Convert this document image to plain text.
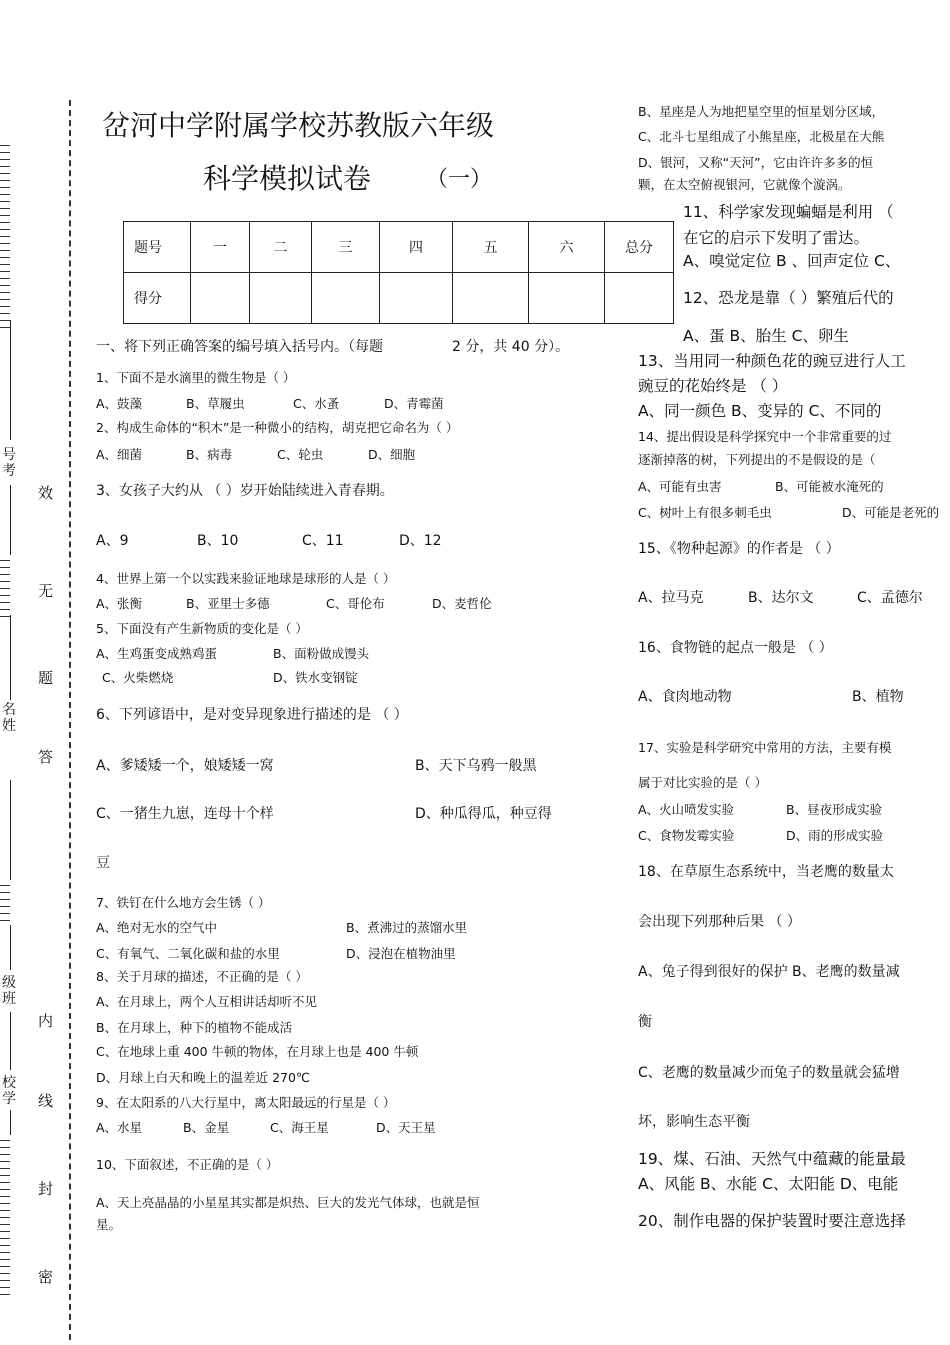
号
考
名
姓
级
班
校
学
效
无
题
答
内
线
封
密
岔河中学附属学校苏教版六年级
科学模拟试卷 （一）
题号	一	二	三	四	五	六	总分
得分							
一、将下列正确答案的编号填入括号内。（每题	2 分，共 40 分）。
1、下面不是水滴里的微生物是（ ）
A、鼓藻	B、草履虫	C、水蚤	D、青霉菌
2、构成生命体的“积木”是一种微小的结构，胡克把它命名为（ ）
A、细菌	B、病毒	C、轮虫	D、细胞
3、女孩子大约从 （ ）岁开始陆续进入青春期。
A、9	B、10	C、11	D、12
4、世界上第一个以实践来验证地球是球形的人是（ ）
A、张衡	B、亚里士多德	C、哥伦布	D、麦哲伦
5、下面没有产生新物质的变化是（ ）
A、生鸡蛋变成熟鸡蛋	B、面粉做成馒头
C、火柴燃烧	D、铁水变钢锭
6、下列谚语中，是对变异现象进行描述的是 （ ）
A、爹矮矮一个，娘矮矮一窝	B、天下乌鸦一般黑
C、一猪生九崽，连母十个样	D、种瓜得瓜，种豆得
豆
7、铁钉在什么地方会生锈（ ）
A、绝对无水的空气中	B、煮沸过的蒸馏水里
C、有氧气、二氧化碳和盐的水里	D、浸泡在植物油里
8、关于月球的描述，不正确的是（ ）
A、在月球上，两个人互相讲话却听不见
B、在月球上，种下的植物不能成活
C、在地球上重 400 牛顿的物体，在月球上也是 400 牛顿
D、月球上白天和晚上的温差近 270℃
9、在太阳系的八大行星中，离太阳最远的行星是（ ）
A、水星	B、金星	C、海王星	D、天王星
10、下面叙述，不正确的是（ ）
A、天上亮晶晶的小星星其实都是炽热、巨大的发光气体球，也就是恒
星。
B、星座是人为地把星空里的恒星划分区域，
C、北斗七星组成了小熊星座，北极星在大熊
D、银河，又称“天河”，它由许许多多的恒
颗，在太空俯视银河，它就像个漩涡。
11、科学家发现蝙蝠是利用 （
在它的启示下发明了雷达。
A、嗅觉定位 B 、回声定位 C、
12、恐龙是靠（ ）繁殖后代的
A、蛋 B、胎生 C、卵生
13、当用同一种颜色花的豌豆进行人工
豌豆的花始终是 （ ）
A、同一颜色 B、变异的 C、不同的
14、提出假设是科学探究中一个非常重要的过
逐渐掉落的树，下列提出的不是假设的是（
A、可能有虫害	B、可能被水淹死的
C、树叶上有很多刺毛虫	D、可能是老死的
15、《物种起源》的作者是 （ ）
A、拉马克	B、达尔文	C、孟德尔
16、食物链的起点一般是 （ ）
A、食肉地动物	B、植物
17、实验是科学研究中常用的方法，主要有模
属于对比实验的是（ ）
A、火山喷发实验	B、昼夜形成实验
C、食物发霉实验	D、雨的形成实验
18、在草原生态系统中，当老鹰的数量太
会出现下列那种后果 （ ）
A、兔子得到很好的保护 B、老鹰的数量减
衡
C、老鹰的数量减少而兔子的数量就会猛增
坏，影响生态平衡
19、煤、石油、天然气中蕴藏的能量最
A、风能 B、水能 C、太阳能 D、电能
20、制作电器的保护装置时要注意选择
